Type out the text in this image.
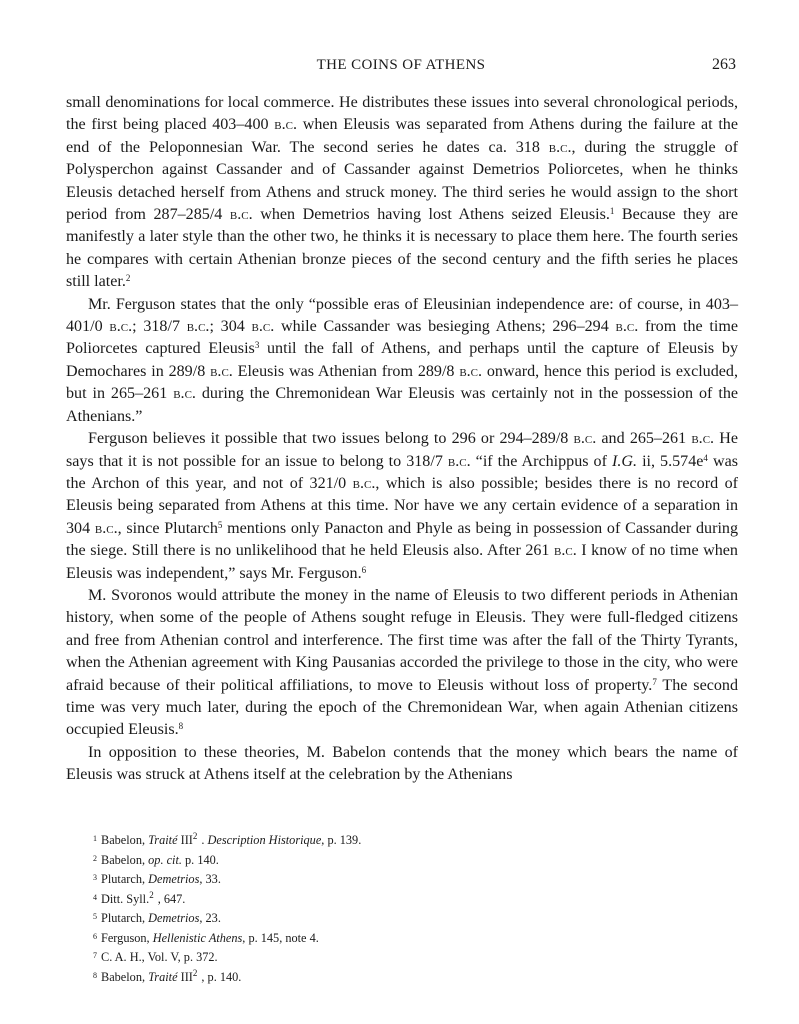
THE COINS OF ATHENS	263

small denominations for local commerce. He distributes these issues into several chronological periods, the first being placed 403–400 b.c. when Eleusis was separated from Athens during the failure at the end of the Peloponnesian War. The second series he dates ca. 318 b.c., during the struggle of Polysperchon against Cassander and of Cassander against Demetrios Poliorcetes, when he thinks Eleusis detached herself from Athens and struck money. The third series he would assign to the short period from 287–285/4 b.c. when Demetrios having lost Athens seized Eleusis.$^1$ Because they are manifestly a later style than the other two, he thinks it is necessary to place them here. The fourth series he compares with certain Athenian bronze pieces of the second century and the fifth series he places still later.$^2$

Mr. Ferguson states that the only “possible eras of Eleusinian independence are: of course, in 403–401/0 b.c.; 318/7 b.c.; 304 b.c. while Cassander was besieging Athens; 296–294 b.c. from the time Poliorcetes captured Eleusis$^3$ until the fall of Athens, and perhaps until the capture of Eleusis by Demochares in 289/8 b.c. Eleusis was Athenian from 289/8 b.c. onward, hence this period is excluded, but in 265–261 b.c. during the Chremonidean War Eleusis was certainly not in the possession of the Athenians.”

Ferguson believes it possible that two issues belong to 296 or 294–289/8 b.c. and 265–261 b.c. He says that it is not possible for an issue to belong to 318/7 b.c. “if the Archippus of I.G. ii, 5.574e$^4$ was the Archon of this year, and not of 321/0 b.c., which is also possible; besides there is no record of Eleusis being separated from Athens at this time. Nor have we any certain evidence of a separation in 304 b.c., since Plutarch$^5$ mentions only Panacton and Phyle as being in possession of Cassander during the siege. Still there is no unlikelihood that he held Eleusis also. After 261 b.c. I know of no time when Eleusis was independent,” says Mr. Ferguson.$^6$

M. Svoronos would attribute the money in the name of Eleusis to two different periods in Athenian history, when some of the people of Athens sought refuge in Eleusis. They were full-fledged citizens and free from Athenian control and interference. The first time was after the fall of the Thirty Tyrants, when the Athenian agreement with King Pausanias accorded the privilege to those in the city, who were afraid because of their political affiliations, to move to Eleusis without loss of property.$^7$ The second time was very much later, during the epoch of the Chremonidean War, when again Athenian citizens occupied Eleusis.$^8$

In opposition to these theories, M. Babelon contends that the money which bears the name of Eleusis was struck at Athens itself at the celebration by the Athenians

$^1$ Babelon, Traité III$^2$ . Description Historique, p. 139.
$^2$ Babelon, op. cit. p. 140.
$^3$ Plutarch, Demetrios, 33.
$^4$ Ditt. Syll.$^2$ , 647.
$^5$ Plutarch, Demetrios, 23.
$^6$ Ferguson, Hellenistic Athens, p. 145, note 4.
$^7$ C. A. H., Vol. V, p. 372.
$^8$ Babelon, Traité III$^2$ , p. 140.
